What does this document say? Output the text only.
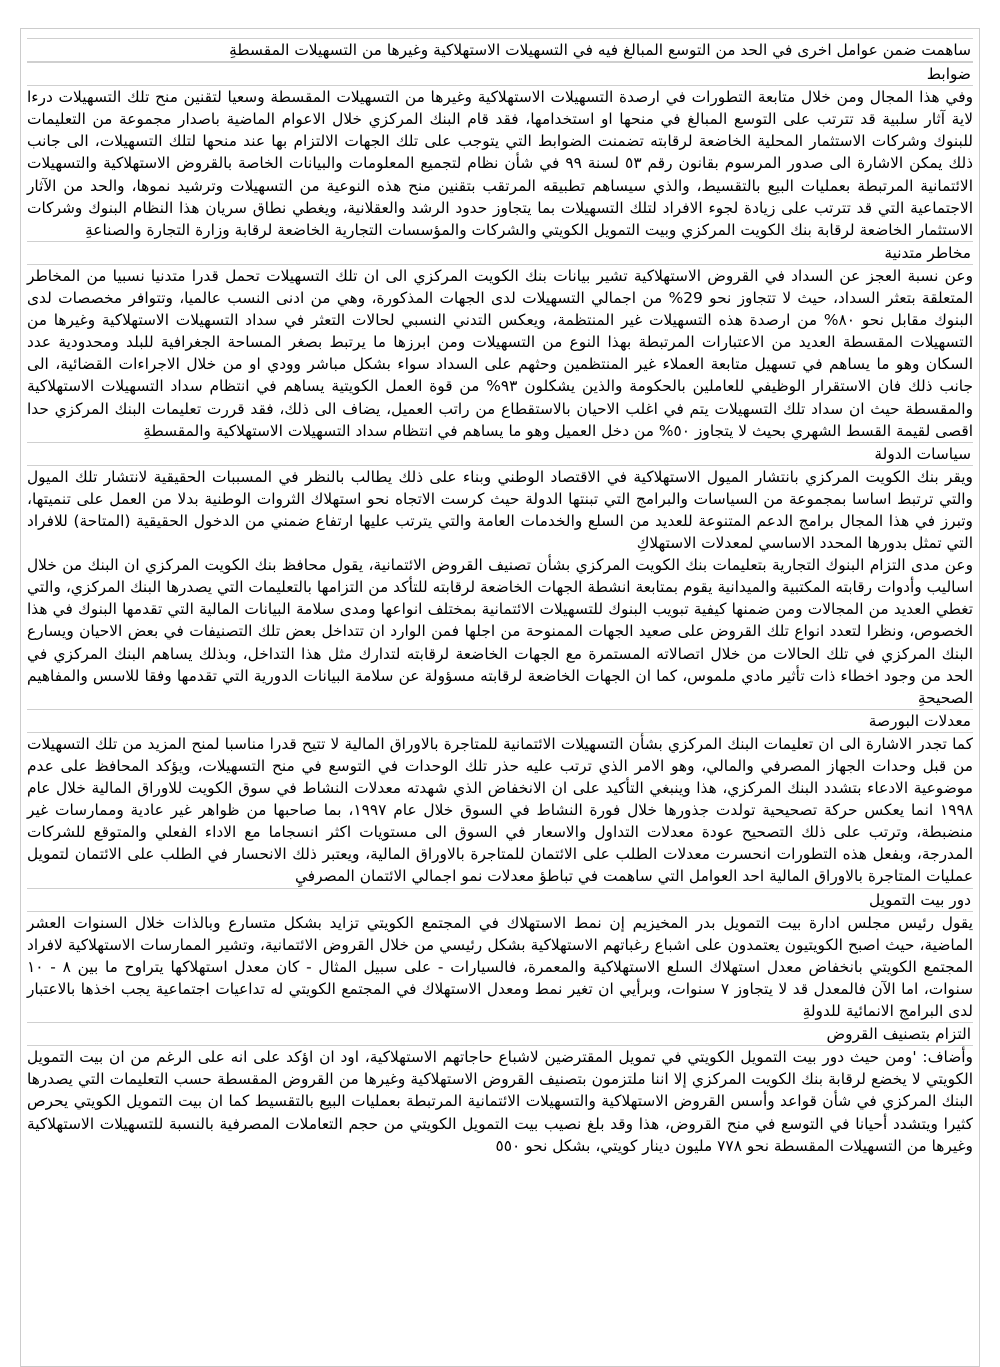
ساهمت ضمن عوامل اخرى في الحد من التوسع المبالغ فيه في التسهيلات الاستهلاكية وغيرها من التسهيلات المقسطةِ
ضوابط

وفي هذا المجال ومن خلال متابعة التطورات في ارصدة التسهيلات الاستهلاكية وغيرها من التسهيلات المقسطة وسعيا لتقنين منح تلك التسهيلات درءا لاية آثار سلبية قد تترتب على التوسع المبالغ في منحها او استخدامها، فقد قام البنك المركزي خلال الاعوام الماضية باصدار مجموعة من التعليمات للبنوك وشركات الاستثمار المحلية الخاضعة لرقابته تضمنت الضوابط التي يتوجب على تلك الجهات الالتزام بها عند منحها لتلك التسهيلات، الى جانب ذلك يمكن الاشارة الى صدور المرسوم بقانون رقم ٥٣ لسنة ٩٩ في شأن نظام لتجميع المعلومات والبيانات الخاصة بالقروض الاستهلاكية والتسهيلات الائتمانية المرتبطة بعمليات البيع بالتقسيط، والذي سيساهم تطبيقه المرتقب بتقنين منح هذه النوعية من التسهيلات وترشيد نموها، والحد من الآثار الاجتماعية التي قد تترتب على زيادة لجوء الافراد لتلك التسهيلات بما يتجاوز حدود الرشد والعقلانية، ويغطي نطاق سريان هذا النظام البنوك وشركات الاستثمار الخاضعة لرقابة بنك الكويت المركزي وبيت التمويل الكويتي والشركات والمؤسسات التجارية الخاضعة لرقابة وزارة التجارة والصناعةِ

مخاطر متدنية

وعن نسبة العجز عن السداد في القروض الاستهلاكية تشير بيانات بنك الكويت المركزي الى ان تلك التسهيلات تحمل قدرا متدنيا نسبيا من المخاطر المتعلقة بتعثر السداد، حيث لا تتجاوز نحو 29% من اجمالي التسهيلات لدى الجهات المذكورة، وهي من ادنى النسب عالميا، وتتوافر مخصصات لدى البنوك مقابل نحو ٨٠% من ارصدة هذه التسهيلات غير المنتظمة، ويعكس التدني النسبي لحالات التعثر في سداد التسهيلات الاستهلاكية وغيرها من التسهيلات المقسطة العديد من الاعتبارات المرتبطة بهذا النوع من التسهيلات ومن ابرزها ما يرتبط بصغر المساحة الجغرافية للبلد ومحدودية عدد السكان وهو ما يساهم في تسهيل متابعة العملاء غير المنتظمين وحثهم على السداد سواء بشكل مباشر وودي او من خلال الاجراءات القضائية، الى جانب ذلك فان الاستقرار الوظيفي للعاملين بالحكومة والذين يشكلون ٩٣% من قوة العمل الكويتية يساهم في انتظام سداد التسهيلات الاستهلاكية والمقسطة حيث ان سداد تلك التسهيلات يتم في اغلب الاحيان بالاستقطاع من راتب العميل، يضاف الى ذلك، فقد قررت تعليمات البنك المركزي حدا اقصى لقيمة القسط الشهري بحيث لا يتجاوز ٥٠% من دخل العميل وهو ما يساهم في انتظام سداد التسهيلات الاستهلاكية والمقسطةِ

سياسات الدولة

ويقر بنك الكويت المركزي بانتشار الميول الاستهلاكية في الاقتصاد الوطني وبناء على ذلك يطالب بالنظر في المسببات الحقيقية لانتشار تلك الميول والتي ترتبط اساسا بمجموعة من السياسات والبرامج التي تبنتها الدولة حيث كرست الاتجاه نحو استهلاك الثروات الوطنية بدلا من العمل على تنميتها، وتبرز في هذا المجال برامج الدعم المتنوعة للعديد من السلع والخدمات العامة والتي يترتب عليها ارتفاع ضمني من الدخول الحقيقية (المتاحة) للافراد التي تمثل بدورها المحدد الاساسي لمعدلات الاستهلاكِ
وعن مدى التزام البنوك التجارية بتعليمات بنك الكويت المركزي بشأن تصنيف القروض الائتمانية، يقول محافظ بنك الكويت المركزي ان البنك من خلال اساليب وأدوات رقابته المكتبية والميدانية يقوم بمتابعة انشطة الجهات الخاضعة لرقابته للتأكد من التزامها بالتعليمات التي يصدرها البنك المركزي، والتي تغطي العديد من المجالات ومن ضمنها كيفية تبويب البنوك للتسهيلات الائتمانية بمختلف انواعها ومدى سلامة البيانات المالية التي تقدمها البنوك في هذا الخصوص، ونظرا لتعدد انواع تلك القروض على صعيد الجهات الممنوحة من اجلها فمن الوارد ان تتداخل بعض تلك التصنيفات في بعض الاحيان ويسارع البنك المركزي في تلك الحالات من خلال اتصالاته المستمرة مع الجهات الخاضعة لرقابته لتدارك مثل هذا التداخل، وبذلك يساهم البنك المركزي في الحد من وجود اخطاء ذات تأثير مادي ملموس، كما ان الجهات الخاضعة لرقابته مسؤولة عن سلامة البيانات الدورية التي تقدمها وفقا للاسس والمفاهيم الصحيحةِ

معدلات البورصة

كما تجدر الاشارة الى ان تعليمات البنك المركزي بشأن التسهيلات الائتمانية للمتاجرة بالاوراق المالية لا تتيح قدرا مناسبا لمنح المزيد من تلك التسهيلات من قبل وحدات الجهاز المصرفي والمالي، وهو الامر الذي ترتب عليه حذر تلك الوحدات في التوسع في منح التسهيلات، ويؤكد المحافظ على عدم موضوعية الادعاء بتشدد البنك المركزي، هذا وينبغي التأكيد على ان الانخفاض الذي شهدته معدلات النشاط في سوق الكويت للاوراق المالية خلال عام ١٩٩٨ انما يعكس حركة تصحيحية تولدت جذورها خلال فورة النشاط في السوق خلال عام ١٩٩٧، بما صاحبها من ظواهر غير عادية وممارسات غير منضبطة، وترتب على ذلك التصحيح عودة معدلات التداول والاسعار في السوق الى مستويات اكثر انسجاما مع الاداء الفعلي والمتوقع للشركات المدرجة، وبفعل هذه التطورات انحسرت معدلات الطلب على الائتمان للمتاجرة بالاوراق المالية، ويعتبر ذلك الانحسار في الطلب على الائتمان لتمويل عمليات المتاجرة بالاوراق المالية احد العوامل التي ساهمت في تباطؤ معدلات نمو اجمالي الائتمان المصرفيِ

دور بيت التمويل

يقول رئيس مجلس ادارة بيت التمويل بدر المخيزيم إن نمط الاستهلاك في المجتمع الكويتي تزايد بشكل متسارع وبالذات خلال السنوات العشر الماضية، حيث اصبح الكويتيون يعتمدون على اشباع رغباتهم الاستهلاكية بشكل رئيسي من خلال القروض الائتمانية، وتشير الممارسات الاستهلاكية لافراد المجتمع الكويتي بانخفاض معدل استهلاك السلع الاستهلاكية والمعمرة، فالسيارات - على سبيل المثال - كان معدل استهلاكها يتراوح ما بين ٨ - ١٠ سنوات، اما الآن فالمعدل قد لا يتجاوز ٧ سنوات، وبرأيي ان تغير نمط ومعدل الاستهلاك في المجتمع الكويتي له تداعيات اجتماعية يجب اخذها بالاعتبار لدى البرامج الانمائية للدولةِ

التزام بتصنيف القروض

وأضاف: 'ومن حيث دور بيت التمويل الكويتي في تمويل المقترضين لاشباع حاجاتهم الاستهلاكية، اود ان اؤكد على انه على الرغم من ان بيت التمويل الكويتي لا يخضع لرقابة بنك الكويت المركزي إلا اننا ملتزمون بتصنيف القروض الاستهلاكية وغيرها من القروض المقسطة حسب التعليمات التي يصدرها البنك المركزي في شأن قواعد وأسس القروض الاستهلاكية والتسهيلات الائتمانية المرتبطة بعمليات البيع بالتقسيط كما ان بيت التمويل الكويتي يحرص كثيرا ويتشدد أحيانا في التوسع في منح القروض، هذا وقد بلغ نصيب بيت التمويل الكويتي من حجم التعاملات المصرفية بالنسبة للتسهيلات الاستهلاكية وغيرها من التسهيلات المقسطة نحو ٧٧٨ مليون دينار كويتي، بشكل نحو ٥٥٠
